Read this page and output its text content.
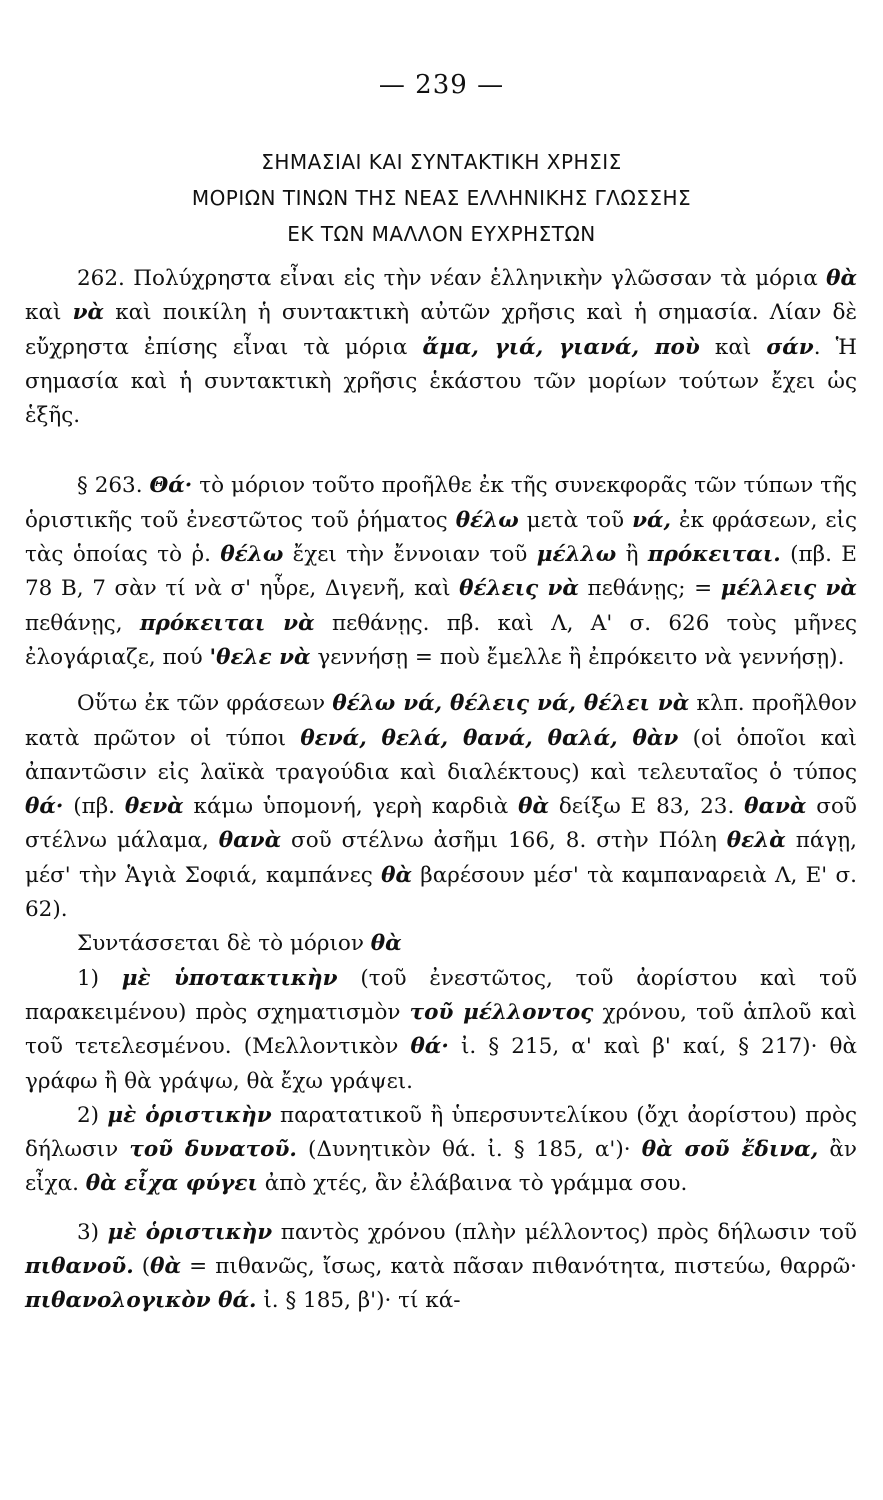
— 239 —
ΣΗΜΑΣΙΑΙ ΚΑΙ ΣΥΝΤΑΚΤΙΚΗ ΧΡΗΣΙΣ
ΜΟΡΙΩΝ ΤΙΝΩΝ ΤΗΣ ΝΕΑΣ ΕΛΛΗΝΙΚΗΣ ΓΛΩΣΣΗΣ
ΕΚ ΤΩΝ ΜΑΛΛΟΝ ΕΥΧΡΗΣΤΩΝ

262. Πολύχρηστα εἶναι εἰς τὴν νέαν ἑλληνικὴν γλῶσσαν τὰ μόρια θὰ καὶ νὰ καὶ ποικίλη ἡ συντακτικὴ αὐτῶν χρῆσις καὶ ἡ σημασία. Λίαν δὲ εὔχρηστα ἐπίσης εἶναι τὰ μόρια ἄμα, γιά, γιανά, ποὺ καὶ σάν. Ἡ σημασία καὶ ἡ συντακτικὴ χρῆσις ἑκάστου τῶν μορίων τούτων ἔχει ὡς ἑξῆς.

§ 263. Θά· τὸ μόριον τοῦτο προῆλθε ἐκ τῆς συνεκφορᾶς τῶν τύπων τῆς ὁριστικῆς τοῦ ἐνεστῶτος τοῦ ῥήματος θέλω μετὰ τοῦ νά, ἐκ φράσεων, εἰς τὰς ὁποίας τὸ ῥ. θέλω ἔχει τὴν ἔννοιαν τοῦ μέλλω ἢ πρόκειται. (πβ. Ε 78 Β, 7 σὰν τί νὰ σ' ηὗρε, Διγενῆ, καὶ θέλεις νὰ πεθάνῃς; = μέλλεις νὰ πεθάνῃς, πρόκειται νὰ πεθάνῃς. πβ. καὶ Λ, Α' σ. 626 τοὺς μῆνες ἐλογάριαζε, πού 'θελε νὰ γεννήσῃ = ποὺ ἔμελλε ἢ ἐπρόκειτο νὰ γεννήσῃ).

Οὕτω ἐκ τῶν φράσεων θέλω νά, θέλεις νά, θέλει νὰ κλπ. προῆλθον κατὰ πρῶτον οἱ τύποι θενά, θελά, θανά, θαλά, θὰν (οἱ ὁποῖοι καὶ ἀπαντῶσιν εἰς λαϊκὰ τραγούδια καὶ διαλέκτους) καὶ τελευταῖος ὁ τύπος θά· (πβ. θενὰ κάμω ὑπομονή, γερὴ καρδιὰ θὰ δείξω Ε 83, 23. θανὰ σοῦ στέλνω μάλαμα, θανὰ σοῦ στέλνω ἀσῆμι 166, 8. στὴν Πόλη θελὰ πάγῃ, μέσ' τὴν Ἁγιὰ Σοφιά, καμπάνες θὰ βαρέσουν μέσ' τὰ καμπαναρειὰ Λ, Ε' σ. 62).

Συντάσσεται δὲ τὸ μόριον θὰ

1) μὲ ὑποτακτικὴν (τοῦ ἐνεστῶτος, τοῦ ἀορίστου καὶ τοῦ παρακειμένου) πρὸς σχηματισμὸν τοῦ μέλλοντος χρόνου, τοῦ ἁπλοῦ καὶ τοῦ τετελεσμένου. (Μελλοντικὸν θά· ἰ. § 215, α' καὶ β' καί, § 217)· θὰ γράφω ἢ θὰ γράψω, θὰ ἔχω γράψει.

2) μὲ ὁριστικὴν παρατατικοῦ ἢ ὑπερσυντελίκου (ὄχι ἀορίστου) πρὸς δήλωσιν τοῦ δυνατοῦ. (Δυνητικὸν θά. ἰ. § 185, α')· θὰ σοῦ ἔδινα, ἂν εἶχα. θὰ εἶχα φύγει ἀπὸ χτές, ἂν ἐλάβαινα τὸ γράμμα σου.

3) μὲ ὁριστικὴν παντὸς χρόνου (πλὴν μέλλοντος) πρὸς δήλωσιν τοῦ πιθανοῦ. (θὰ = πιθανῶς, ἴσως, κατὰ πᾶσαν πιθανότητα, πιστεύω, θαρρῶ· πιθανολογικὸν θά. ἰ. § 185, β')· τί κά-
